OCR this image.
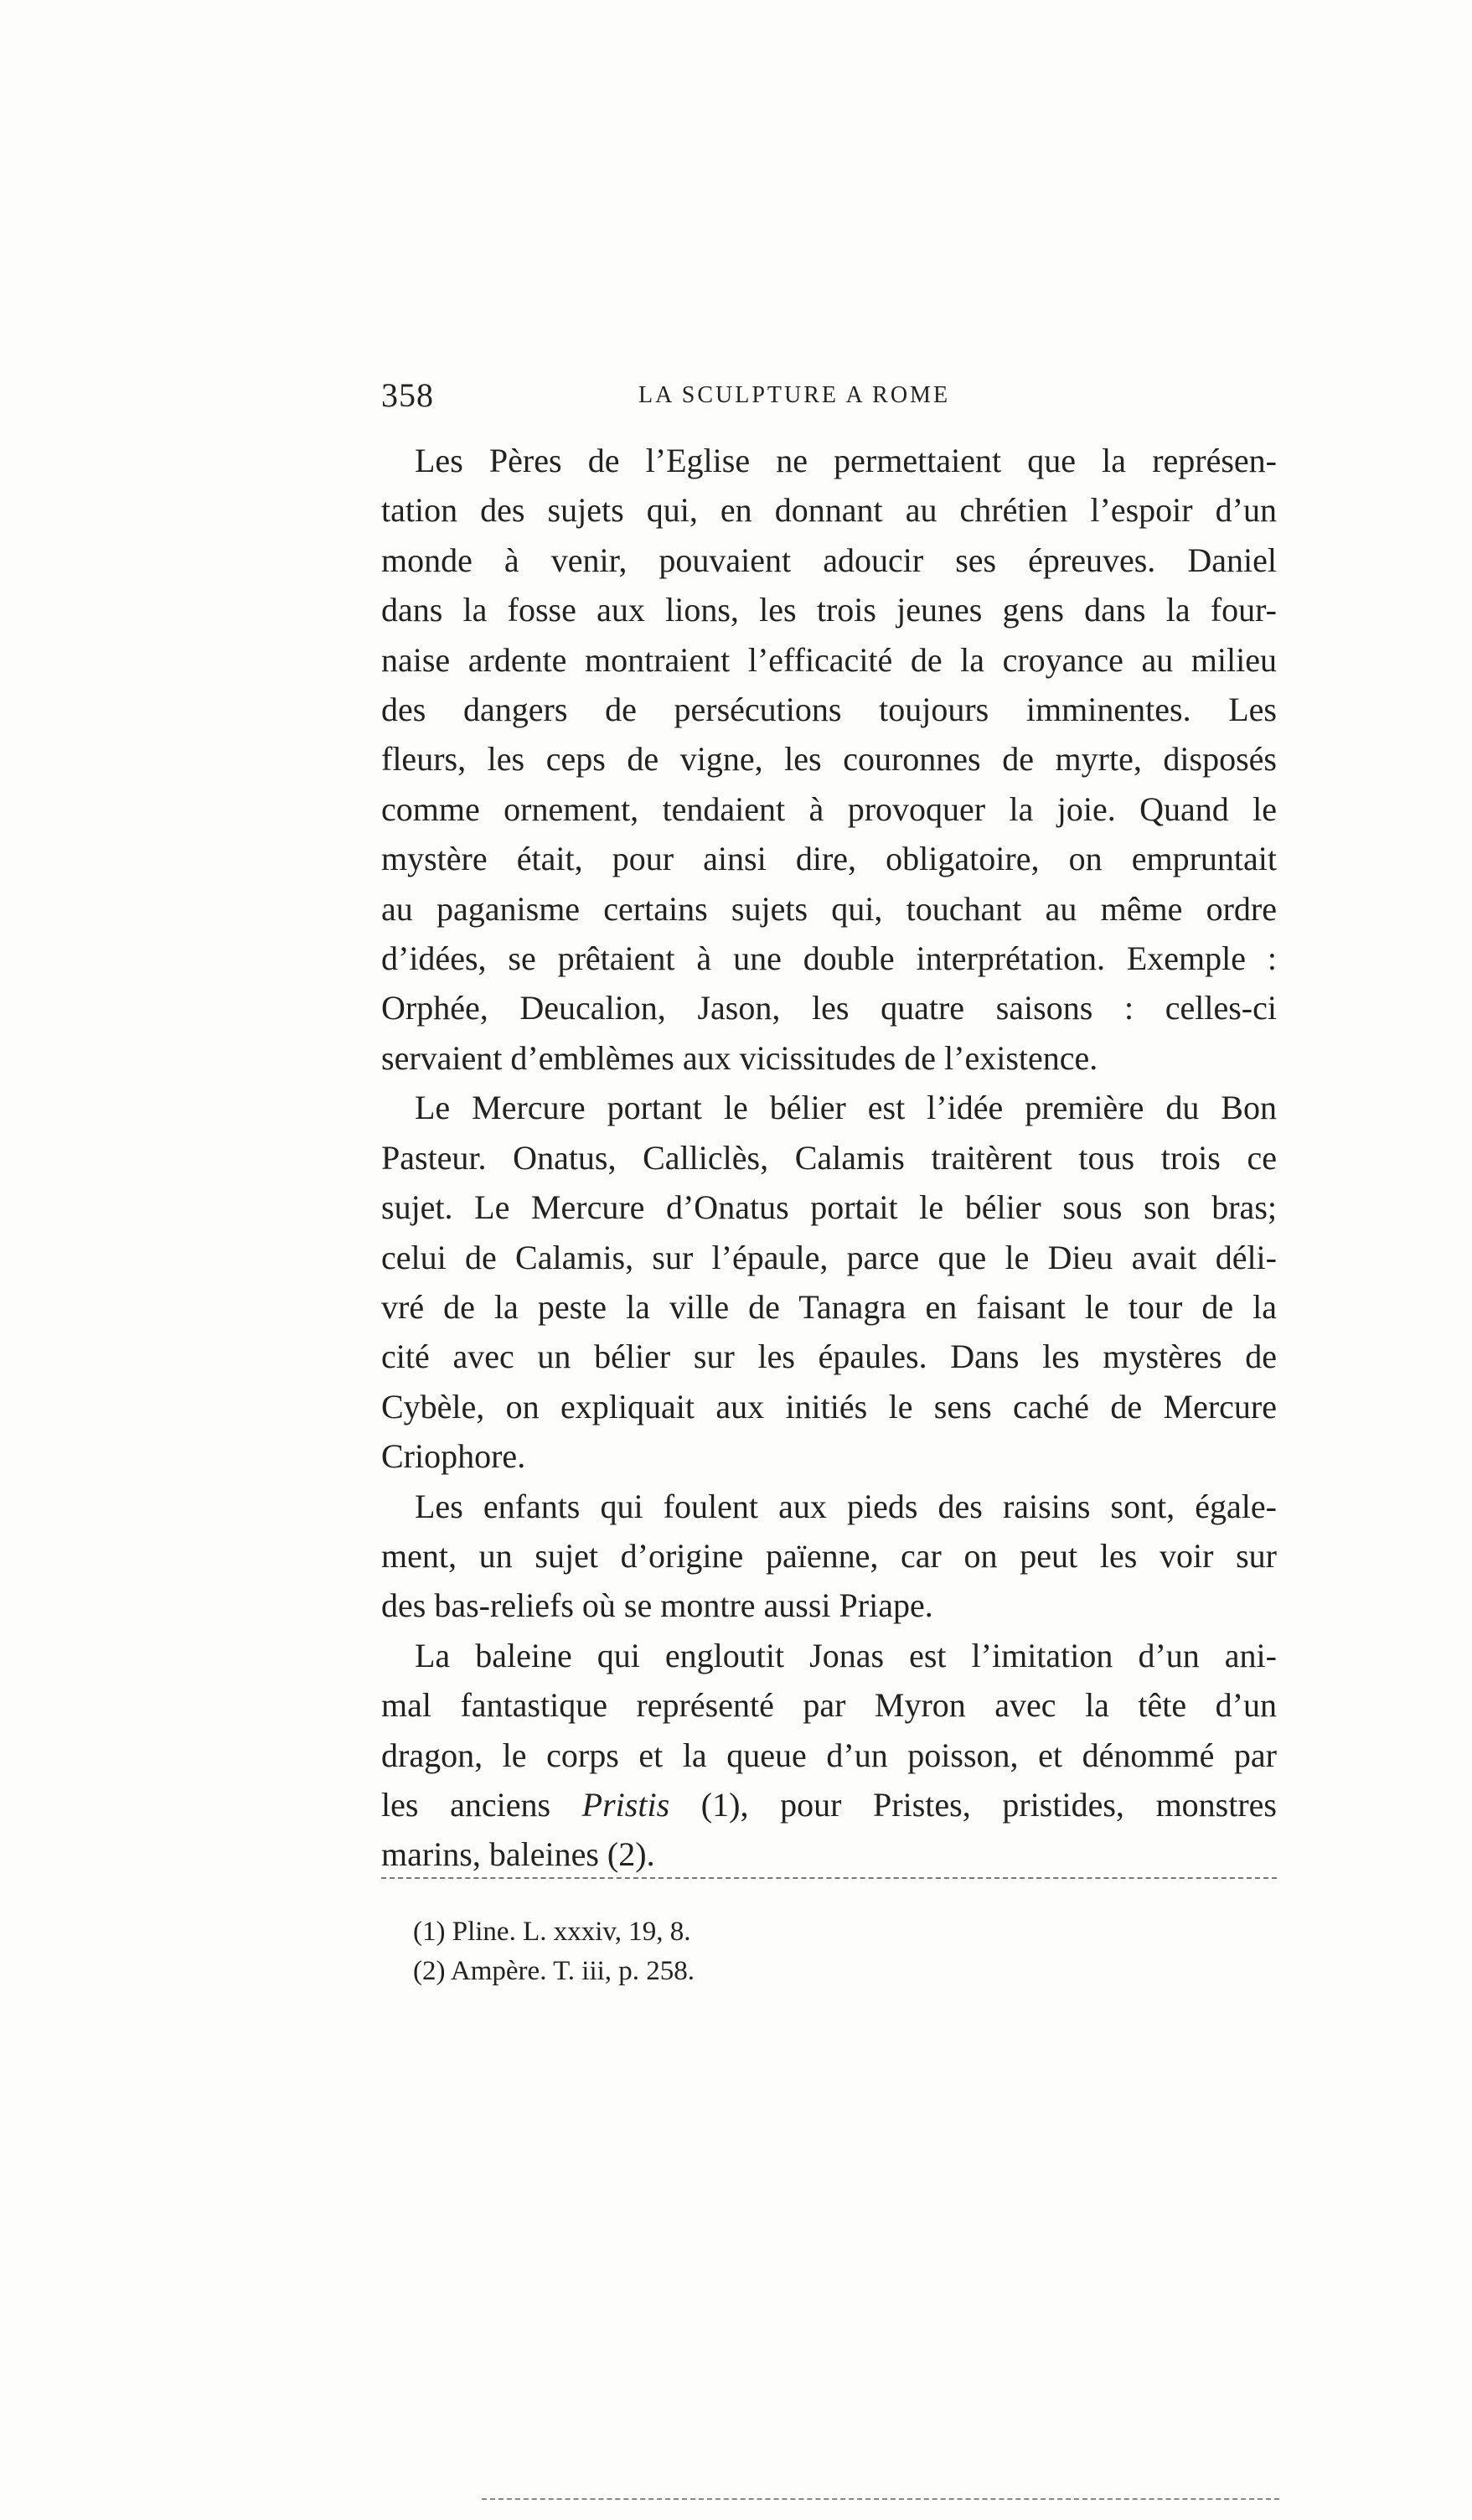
358	LA SCULPTURE A ROME

Les Pères de l’Eglise ne permettaient que la représen-
tation des sujets qui, en donnant au chrétien l’espoir d’un
monde à venir, pouvaient adoucir ses épreuves. Daniel
dans la fosse aux lions, les trois jeunes gens dans la four-
naise ardente montraient l’efficacité de la croyance au milieu
des dangers de persécutions toujours imminentes. Les
fleurs, les ceps de vigne, les couronnes de myrte, disposés
comme ornement, tendaient à provoquer la joie. Quand le
mystère était, pour ainsi dire, obligatoire, on empruntait
au paganisme certains sujets qui, touchant au même ordre
d’idées, se prêtaient à une double interprétation. Exemple :
Orphée, Deucalion, Jason, les quatre saisons : celles-ci
servaient d’emblèmes aux vicissitudes de l’existence.

Le Mercure portant le bélier est l’idée première du Bon
Pasteur. Onatus, Calliclès, Calamis traitèrent tous trois ce
sujet. Le Mercure d’Onatus portait le bélier sous son bras;
celui de Calamis, sur l’épaule, parce que le Dieu avait déli-
vré de la peste la ville de Tanagra en faisant le tour de la
cité avec un bélier sur les épaules. Dans les mystères de
Cybèle, on expliquait aux initiés le sens caché de Mercure
Criophore.

Les enfants qui foulent aux pieds des raisins sont, égale-
ment, un sujet d’origine païenne, car on peut les voir sur
des bas-reliefs où se montre aussi Priape.

La baleine qui engloutit Jonas est l’imitation d’un ani-
mal fantastique représenté par Myron avec la tête d’un
dragon, le corps et la queue d’un poisson, et dénommé par
les anciens Pristis (1), pour Pristes, pristides, monstres
marins, baleines (2).

(1) Pline. L. xxxiv, 19, 8.
(2) Ampère. T. iii, p. 258.
